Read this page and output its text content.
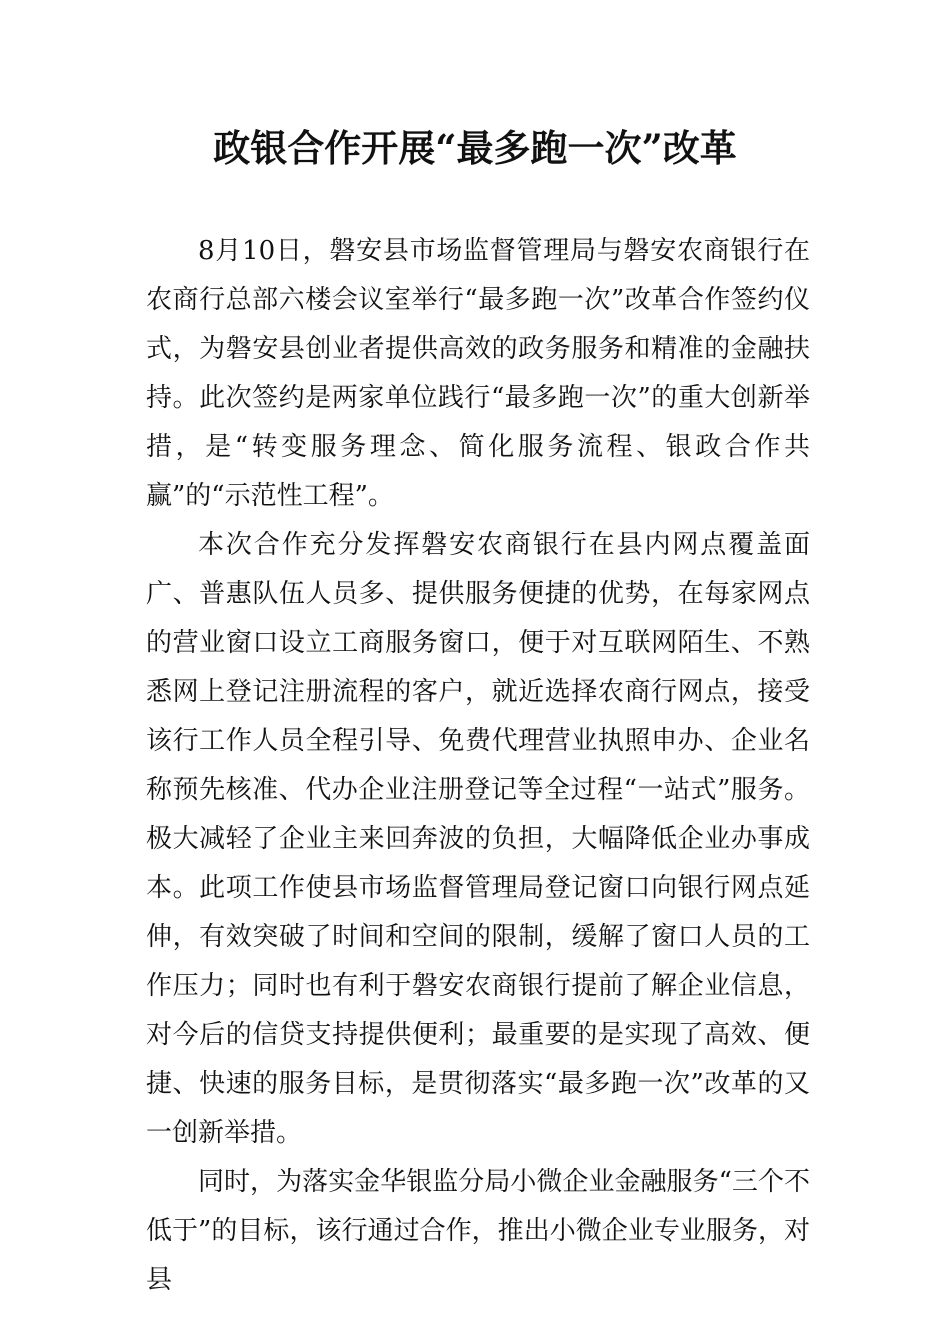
政银合作开展“最多跑一次”改革

8月10日，磐安县市场监督管理局与磐安农商银行在农商行总部六楼会议室举行“最多跑一次”改革合作签约仪式，为磐安县创业者提供高效的政务服务和精准的金融扶持。此次签约是两家单位践行“最多跑一次”的重大创新举措，是“转变服务理念、简化服务流程、银政合作共赢”的“示范性工程”。

本次合作充分发挥磐安农商银行在县内网点覆盖面广、普惠队伍人员多、提供服务便捷的优势，在每家网点的营业窗口设立工商服务窗口，便于对互联网陌生、不熟悉网上登记注册流程的客户，就近选择农商行网点，接受该行工作人员全程引导、免费代理营业执照申办、企业名称预先核准、代办企业注册登记等全过程“一站式”服务。极大减轻了企业主来回奔波的负担，大幅降低企业办事成本。此项工作使县市场监督管理局登记窗口向银行网点延伸，有效突破了时间和空间的限制，缓解了窗口人员的工作压力；同时也有利于磐安农商银行提前了解企业信息，对今后的信贷支持提供便利；最重要的是实现了高效、便捷、快速的服务目标，是贯彻落实“最多跑一次”改革的又一创新举措。

同时，为落实金华银监分局小微企业金融服务“三个不低于”的目标，该行通过合作，推出小微企业专业服务，对县
